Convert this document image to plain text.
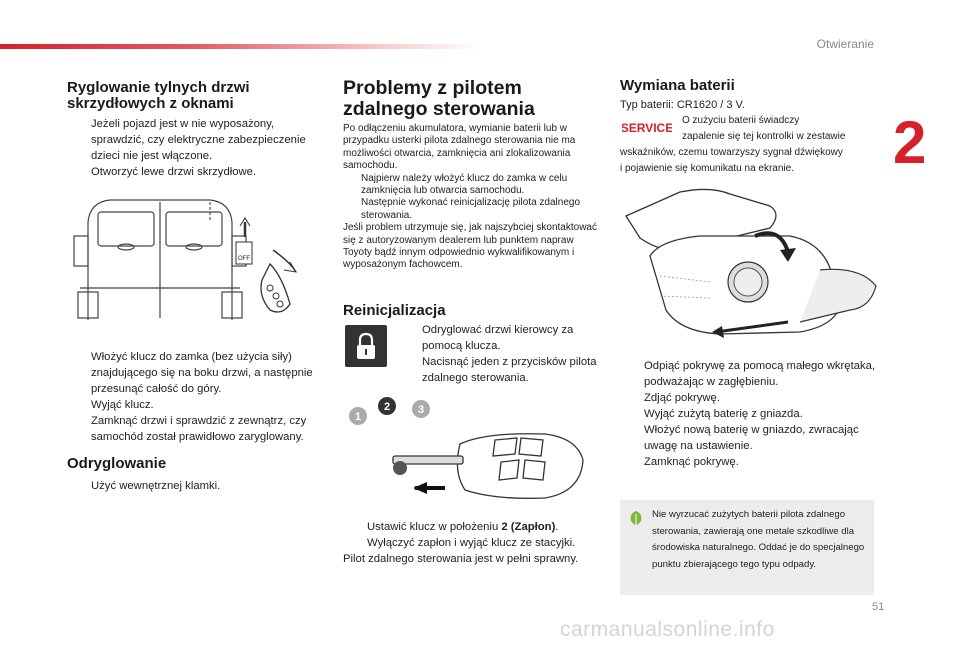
Otwieranie
2
51
carmanualsonline.info
Ryglowanie tylnych drzwi skrzydłowych z oknami
Jeżeli pojazd jest w nie wyposażony, sprawdzić, czy elektryczne zabezpieczenie dzieci nie jest włączone.
Otworzyć lewe drzwi skrzydłowe.
OFF
Włożyć klucz do zamka (bez użycia siły) znajdującego się na boku drzwi, a następnie przesunąć całość do góry.
Wyjąć klucz.
Zamknąć drzwi i sprawdzić z zewnątrz, czy samochód został prawidłowo zaryglowany.
Odryglowanie
Użyć wewnętrznej klamki.
Problemy z pilotem zdalnego sterowania
Po odłączeniu akumulatora, wymianie baterii lub w przypadku usterki pilota zdalnego sterowania nie ma możliwości otwarcia, zamknięcia ani zlokalizowania samochodu.
Najpierw należy włożyć klucz do zamka w celu zamknięcia lub otwarcia samochodu.
Następnie wykonać reinicjalizację pilota zdalnego sterowania.
Jeśli problem utrzymuje się, jak najszybciej skontaktować się z autoryzowanym dealerem lub punktem napraw Toyoty bądź innym odpowiednio wykwalifikowanym i wyposażonym fachowcem.
Reinicjalizacja
Odryglować drzwi kierowcy za pomocą klucza.
Nacisnąć jeden z przycisków pilota zdalnego sterowania.
1
2	3
Ustawić klucz w położeniu 2 (Zapłon).
Wyłączyć zapłon i wyjąć klucz ze stacyjki.
Pilot zdalnego sterowania jest w pełni sprawny.
Wymiana baterii
Typ baterii: CR1620 / 3 V.
SERVICE
O zużyciu baterii świadczy
zapalenie się tej kontrolki w zestawie
wskaźników, czemu towarzyszy sygnał dźwiękowy
i pojawienie się komunikatu na ekranie.
Odpiąć pokrywę za pomocą małego wkrętaka, podważając w zagłębieniu.
Zdjąć pokrywę.
Wyjąć zużytą baterię z gniazda.
Włożyć nową baterię w gniazdo, zwracając uwagę na ustawienie.
Zamknąć pokrywę.
Nie wyrzucać zużytych baterii pilota zdalnego sterowania, zawierają one metale szkodliwe dla środowiska naturalnego. Oddać je do specjalnego punktu zbierającego tego typu odpady.
